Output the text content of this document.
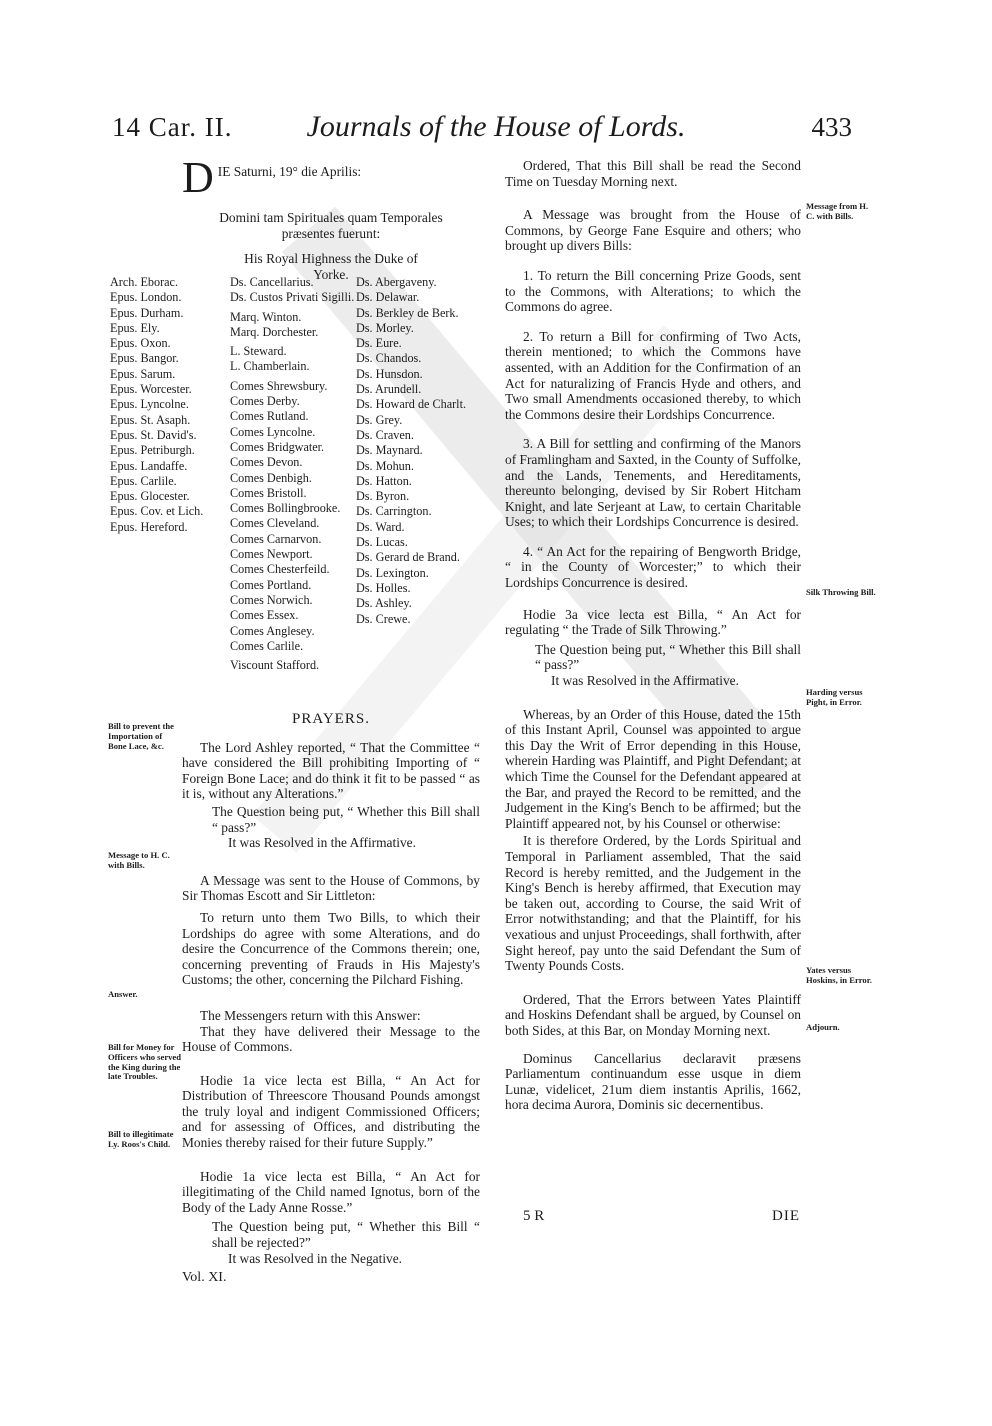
14 Car. II.	Journals of the House of Lords.	433
D IE Saturni, 19° die Aprilis:

Domini tam Spirituales quam Temporales præsentes fuerunt:

His Royal Highness the Duke of Yorke.

Arch. Eborac.
Epus. London.
Epus. Durham.
Epus. Ely.
Epus. Oxon.
Epus. Bangor.
Epus. Sarum.
Epus. Worcester.
Epus. Lyncolne.
Epus. St. Asaph.
Epus. St. David's.
Epus. Petriburgh.
Epus. Landaffe.
Epus. Carlile.
Epus. Glocester.
Epus. Cov. et Lich.
Epus. Hereford.
Ds. Cancellarius.
Ds. Custos Privati Sigilli.

Marq. Winton.
Marq. Dorchester.

L. Steward.
L. Chamberlain.

Comes Shrewsbury.
Comes Derby.
Comes Rutland.
Comes Lyncolne.
Comes Bridgwater.
Comes Devon.
Comes Denbigh.
Comes Bristoll.
Comes Bollingbrooke.
Comes Cleveland.
Comes Carnarvon.
Comes Newport.
Comes Chesterfeild.
Comes Portland.
Comes Norwich.
Comes Essex.
Comes Anglesey.
Comes Carlile.

Viscount Stafford.
Ds. Abergaveny.
Ds. Delawar.
Ds. Berkley de Berk.
Ds. Morley.
Ds. Eure.
Ds. Chandos.
Ds. Hunsdon.
Ds. Arundell.
Ds. Howard de Charlt.
Ds. Grey.
Ds. Craven.
Ds. Maynard.
Ds. Mohun.
Ds. Hatton.
Ds. Byron.
Ds. Carrington.
Ds. Ward.
Ds. Lucas.
Ds. Gerard de Brand.
Ds. Lexington.
Ds. Holles.
Ds. Ashley.
Ds. Crewe.

PRAYERS.

The Lord Ashley reported, “ That the Committee “ have considered the Bill prohibiting Importing of “ Foreign Bone Lace; and do think it fit to be passed “ as it is, without any Alterations.”

The Question being put, “ Whether this Bill shall “ pass?”

It was Resolved in the Affirmative.

A Message was sent to the House of Commons, by Sir Thomas Escott and Sir Littleton:

To return unto them Two Bills, to which their Lordships do agree with some Alterations, and do desire the Concurrence of the Commons therein; one, concerning preventing of Frauds in His Majesty's Customs; the other, concerning the Pilchard Fishing.

The Messengers return with this Answer:

That they have delivered their Message to the House of Commons.

Hodie 1a vice lecta est Billa, “ An Act for Distribution of Threescore Thousand Pounds amongst the truly loyal and indigent Commissioned Officers; and for assessing of Offices, and distributing the Monies thereby raised for their future Supply.”

Hodie 1a vice lecta est Billa, “ An Act for illegitimating of the Child named Ignotus, born of the Body of the Lady Anne Rosse.”

The Question being put, “ Whether this Bill “ shall be rejected?”

It was Resolved in the Negative.

Vol. XI.

Bill to prevent the Importation of Bone Lace, &c.
Message to H. C. with Bills.
Answer.
Bill for Money for Officers who served the King during the late Troubles.
Bill to illegitimate Ly. Roos's Child.

Ordered, That this Bill shall be read the Second Time on Tuesday Morning next.

A Message was brought from the House of Commons, by George Fane Esquire and others; who brought up divers Bills:

1. To return the Bill concerning Prize Goods, sent to the Commons, with Alterations; to which the Commons do agree.

2. To return a Bill for confirming of Two Acts, therein mentioned; to which the Commons have assented, with an Addition for the Confirmation of an Act for naturalizing of Francis Hyde and others, and Two small Amendments occasioned thereby, to which the Commons desire their Lordships Concurrence.

3. A Bill for settling and confirming of the Manors of Framlingham and Saxted, in the County of Suffolke, and the Lands, Tenements, and Hereditaments, thereunto belonging, devised by Sir Robert Hitcham Knight, and late Serjeant at Law, to certain Charitable Uses; to which their Lordships Concurrence is desired.

4. “ An Act for the repairing of Bengworth Bridge, “ in the County of Worcester;” to which their Lordships Concurrence is desired.

Hodie 3a vice lecta est Billa, “ An Act for regulating “ the Trade of Silk Throwing.”

The Question being put, “ Whether this Bill shall “ pass?”

It was Resolved in the Affirmative.

Whereas, by an Order of this House, dated the 15th of this Instant April, Counsel was appointed to argue this Day the Writ of Error depending in this House, wherein Harding was Plaintiff, and Pight Defendant; at which Time the Counsel for the Defendant appeared at the Bar, and prayed the Record to be remitted, and the Judgement in the King's Bench to be affirmed; but the Plaintiff appeared not, by his Counsel or otherwise:

It is therefore Ordered, by the Lords Spiritual and Temporal in Parliament assembled, That the said Record is hereby remitted, and the Judgement in the King's Bench is hereby affirmed, that Execution may be taken out, according to Course, the said Writ of Error notwithstanding; and that the Plaintiff, for his vexatious and unjust Proceedings, shall forthwith, after Sight hereof, pay unto the said Defendant the Sum of Twenty Pounds Costs.

Ordered, That the Errors between Yates Plaintiff and Hoskins Defendant shall be argued, by Counsel on both Sides, at this Bar, on Monday Morning next.

Dominus Cancellarius declaravit præsens Parliamentum continuandum esse usque in diem Lunæ, videlicet, 21um diem instantis Aprilis, 1662, hora decima Aurora, Dominis sic decernentibus.

Message from H. C. with Bills.
Silk Throwing Bill.
Harding versus Pight, in Error.
Yates versus Hoskins, in Error.
Adjourn.
5 R	DIE
